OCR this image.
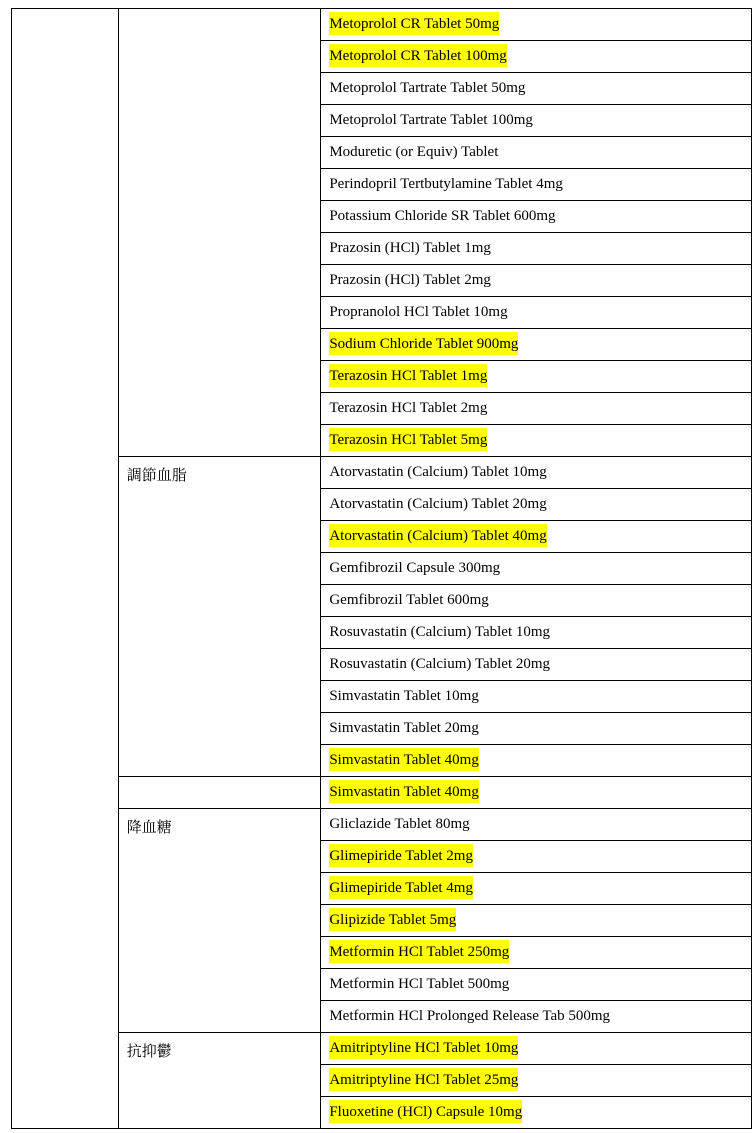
		Metoprolol CR Tablet 50mg
		Metoprolol CR Tablet 100mg
		Metoprolol Tartrate Tablet 50mg
		Metoprolol Tartrate Tablet 100mg
		Moduretic (or Equiv) Tablet
		Perindopril Tertbutylamine Tablet 4mg
		Potassium Chloride SR Tablet 600mg
		Prazosin (HCl) Tablet 1mg
		Prazosin (HCl) Tablet 2mg
		Propranolol HCl Tablet 10mg
		Sodium Chloride Tablet 900mg
		Terazosin HCl Tablet 1mg
		Terazosin HCl Tablet 2mg
		Terazosin HCl Tablet 5mg
	調節血脂	Atorvastatin (Calcium) Tablet 10mg
		Atorvastatin (Calcium) Tablet 20mg
		Atorvastatin (Calcium) Tablet 40mg
		Gemfibrozil Capsule 300mg
		Gemfibrozil Tablet 600mg
		Rosuvastatin (Calcium) Tablet 10mg
		Rosuvastatin (Calcium) Tablet 20mg
		Simvastatin Tablet 10mg
		Simvastatin Tablet 20mg
		Simvastatin Tablet 40mg
		Simvastatin Tablet 40mg
	降血糖	Gliclazide Tablet 80mg
		Glimepiride Tablet 2mg
		Glimepiride Tablet 4mg
		Glipizide Tablet 5mg
		Metformin HCl Tablet 250mg
		Metformin HCl Tablet 500mg
		Metformin HCl Prolonged Release Tab 500mg
	抗抑鬱	Amitriptyline HCl Tablet 10mg
		Amitriptyline HCl Tablet 25mg
		Fluoxetine (HCl) Capsule 10mg
